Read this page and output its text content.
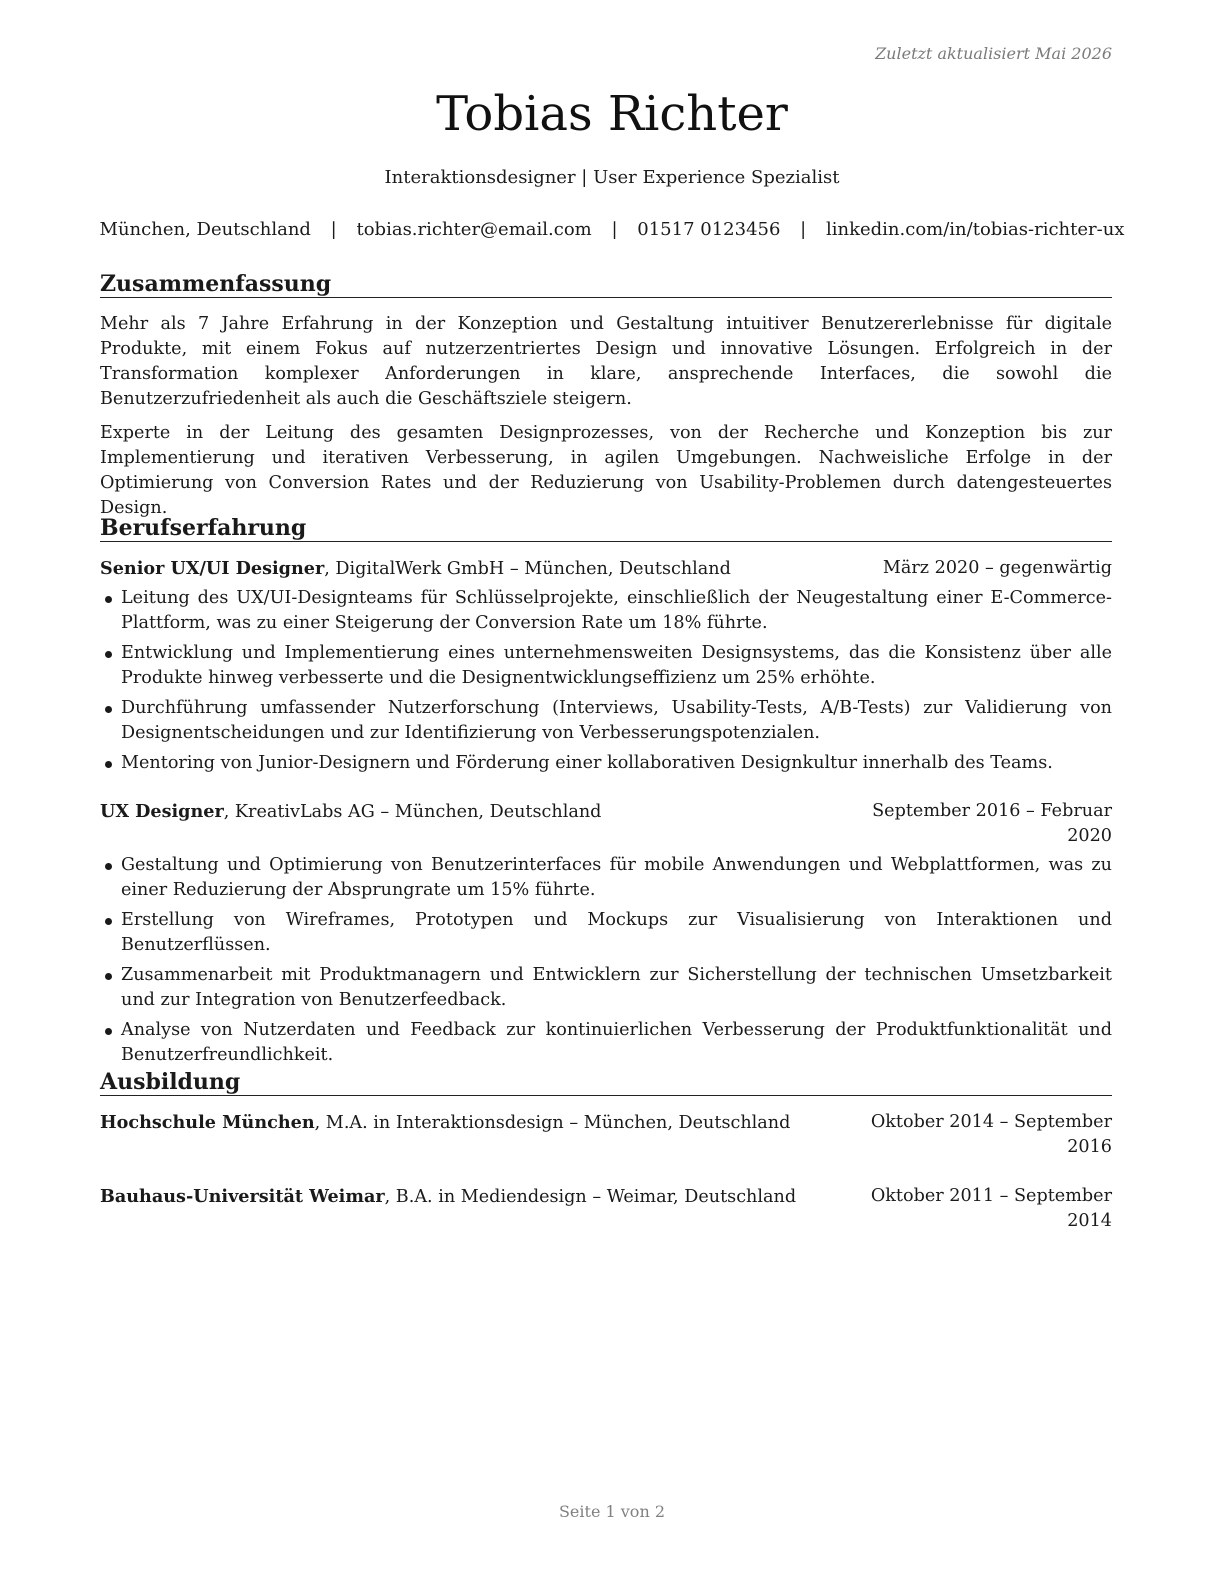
Zuletzt aktualisiert Mai 2026
Tobias Richter
Interaktionsdesigner | User Experience Spezialist
München, Deutschland | tobias.richter@email.com | 01517 0123456 | linkedin.com/in/tobias-richter-ux
Zusammenfassung

Mehr als 7 Jahre Erfahrung in der Konzeption und Gestaltung intuitiver Benutzererlebnisse für digitale Produkte, mit einem Fokus auf nutzerzentriertes Design und innovative Lösungen. Erfolgreich in der Transformation komplexer Anforderungen in klare, ansprechende Interfaces, die sowohl die Benutzerzufriedenheit als auch die Geschäftsziele steigern.

Experte in der Leitung des gesamten Designprozesses, von der Recherche und Konzeption bis zur Implementierung und iterativen Verbesserung, in agilen Umgebungen. Nachweisliche Erfolge in der Optimierung von Conversion Rates und der Reduzierung von Usability-Problemen durch datengesteuertes Design.

Berufserfahrung
Senior UX/UI Designer, DigitalWerk GmbH – München, Deutschland	März 2020 – gegenwärtig
Leitung des UX/UI-Designteams für Schlüsselprojekte, einschließlich der Neugestaltung einer E-Commerce-Plattform, was zu einer Steigerung der Conversion Rate um 18% führte.
Entwicklung und Implementierung eines unternehmensweiten Designsystems, das die Konsistenz über alle Produkte hinweg verbesserte und die Designentwicklungseffizienz um 25% erhöhte.
Durchführung umfassender Nutzerforschung (Interviews, Usability-Tests, A/B-Tests) zur Validierung von Designentscheidungen und zur Identifizierung von Verbesserungspotenzialen.
Mentoring von Junior-Designern und Förderung einer kollaborativen Designkultur innerhalb des Teams.
UX Designer, KreativLabs AG – München, Deutschland	September 2016 – Februar
2020
Gestaltung und Optimierung von Benutzerinterfaces für mobile Anwendungen und Webplattformen, was zu einer Reduzierung der Absprungrate um 15% führte.
Erstellung von Wireframes, Prototypen und Mockups zur Visualisierung von Interaktionen und Benutzerflüssen.
Zusammenarbeit mit Produktmanagern und Entwicklern zur Sicherstellung der technischen Umsetzbarkeit und zur Integration von Benutzerfeedback.
Analyse von Nutzerdaten und Feedback zur kontinuierlichen Verbesserung der Produktfunktionalität und Benutzerfreundlichkeit.
Ausbildung
Hochschule München, M.A. in Interaktionsdesign – München, Deutschland	Oktober 2014 – September
2016
Bauhaus-Universität Weimar, B.A. in Mediendesign – Weimar, Deutschland	Oktober 2011 – September
2014
Seite 1 von 2
